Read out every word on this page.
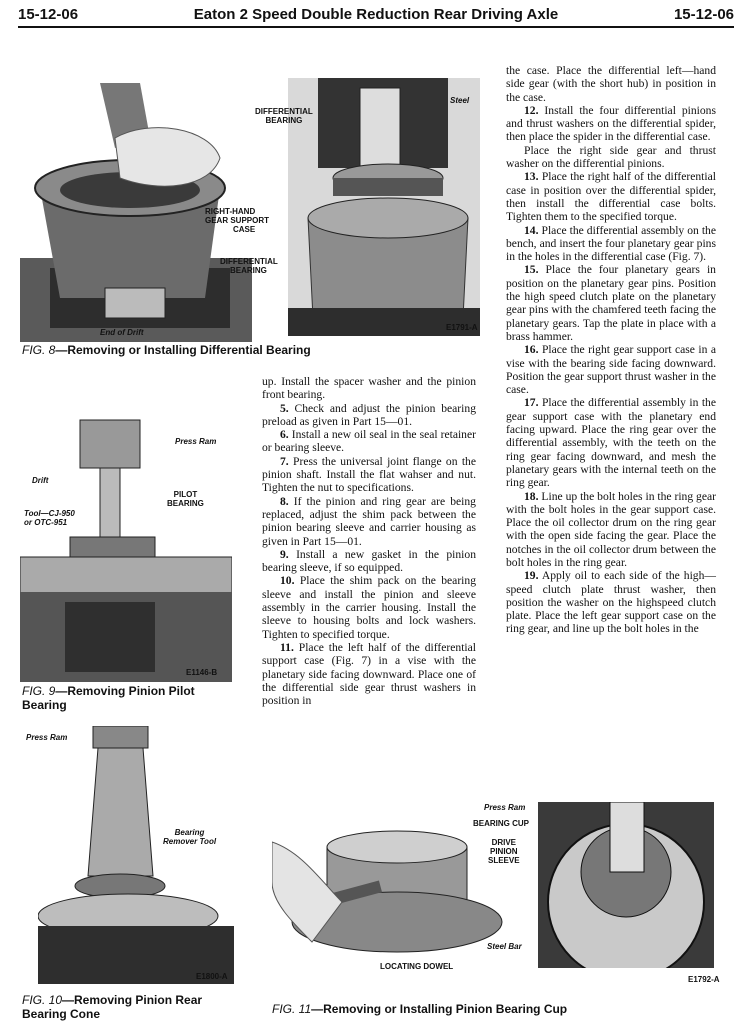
15-12-06	Eaton 2 Speed Double Reduction Rear Driving Axle	15-12-06
RIGHT-HAND
GEAR SUPPORT
CASE
DIFFERENTIAL
BEARING
End of Drift
DIFFERENTIAL
BEARING
Steel
E1791-A
FIG. 8—Removing or Installing Differential Bearing
Press Ram
Drift
PILOT
BEARING
Tool—CJ-950
or OTC-951
E1146-B
FIG. 9—Removing Pinion Pilot Bearing
Press Ram
Bearing
Remover Tool
E1800-A
FIG. 10—Removing Pinion Rear Bearing Cone
Press Ram
BEARING CUP
DRIVE
PINION
SLEEVE
Steel Bar
LOCATING DOWEL
E1792-A
FIG. 11—Removing or Installing Pinion Bearing Cup

up. Install the spacer washer and the pinion front bearing.

5. Check and adjust the pinion bearing preload as given in Part 15—01.

6. Install a new oil seal in the seal retainer or bearing sleeve.

7. Press the universal joint flange on the pinion shaft. Install the flat wahser and nut. Tighten the nut to specifications.

8. If the pinion and ring gear are being replaced, adjust the shim pack between the pinion bearing sleeve and carrier housing as given in Part 15—01.

9. Install a new gasket in the pinion bearing sleeve, if so equipped.

10. Place the shim pack on the bearing sleeve and install the pinion and sleeve assembly in the carrier housing. Install the sleeve to housing bolts and lock washers. Tighten to specified torque.

11. Place the left half of the differential support case (Fig. 7) in a vise with the planetary side facing downward. Place one of the differential side gear thrust washers in position in

the case. Place the differential left—hand side gear (with the short hub) in position in the case.

12. Install the four differential pinions and thrust washers on the differential spider, then place the spider in the differential case.

Place the right side gear and thrust washer on the differential pinions.

13. Place the right half of the differential case in position over the differential spider, then install the differential case bolts. Tighten them to the specified torque.

14. Place the differential assembly on the bench, and insert the four planetary gear pins in the holes in the differential case (Fig. 7).

15. Place the four planetary gears in position on the planetary gear pins. Position the high speed clutch plate on the planetary gear pins with the chamfered teeth facing the planetary gears. Tap the plate in place with a brass hammer.

16. Place the right gear support case in a vise with the bearing side facing downward. Position the gear support thrust washer in the case.

17. Place the differential assembly in the gear support case with the planetary end facing upward. Place the ring gear over the differential assembly, with the teeth on the ring gear facing downward, and mesh the planetary gears with the internal teeth on the ring gear.

18. Line up the bolt holes in the ring gear with the bolt holes in the gear support case. Place the oil collector drum on the ring gear with the open side facing the gear. Place the notches in the oil collector drum between the bolt holes in the ring gear.

19. Apply oil to each side of the high—speed clutch plate thrust washer, then position the washer on the highspeed clutch plate. Place the left gear support case on the ring gear, and line up the bolt holes in the
